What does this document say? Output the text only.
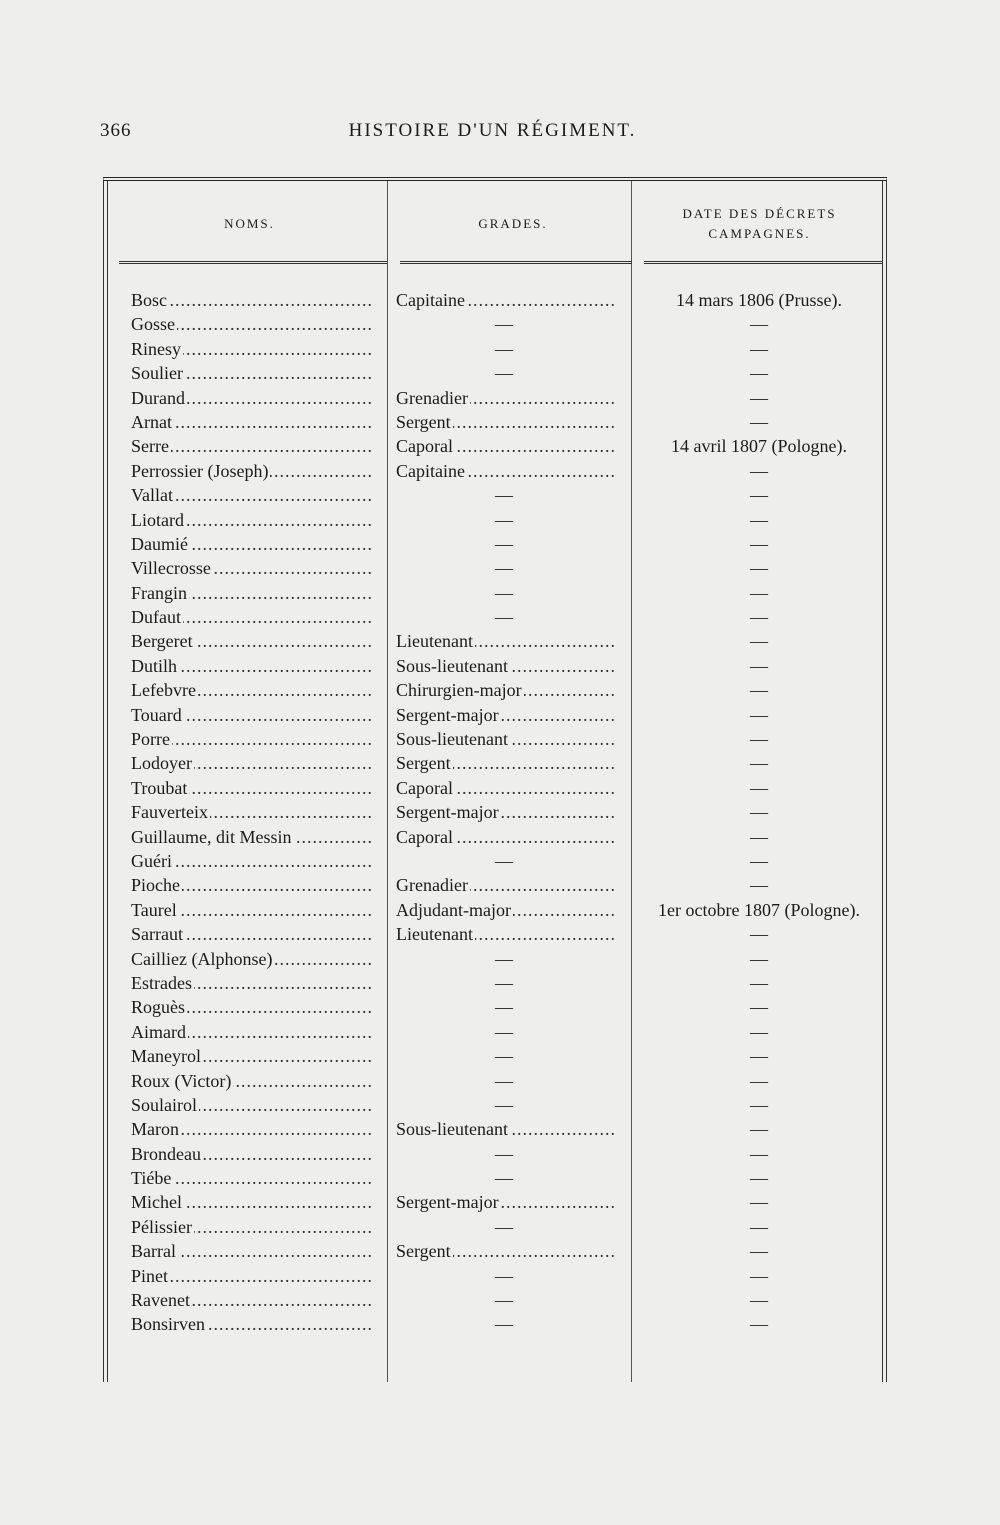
366	HISTOIRE D'UN RÉGIMENT.
NOMS.	GRADES.
DATE DES DÉCRETS CAMPAGNES.
Bosc .....	Capitaine .....	14 mars 1806 (Prusse).
Gosse .....	—	—
Rinesy .....	—	—
Soulier .....	—	—
Durand .....	Grenadier .....	—
Arnat .....	Sergent .....	—
Serre .....	Caporal .....	14 avril 1807 (Pologne).
Perrossier (Joseph) .....	Capitaine .....	—
Vallat .....	—	—
Liotard .....	—	—
Daumié .....	—	—
Villecrosse .....	—	—
Frangin .....	—	—
Dufaut .....	—	—
Bergeret .....	Lieutenant .....	—
Dutilh .....	Sous-lieutenant .....	—
Lefebvre .....	Chirurgien-major .....	—
Touard .....	Sergent-major .....	—
Porre .....	Sous-lieutenant .....	—
Lodoyer .....	Sergent .....	—
Troubat .....	Caporal .....	—
Fauverteix .....	Sergent-major .....	—
Guillaume, dit Messin .....	Caporal .....	—
Guéri .....	—	—
Pioche .....	Grenadier .....	—
Taurel .....	Adjudant-major .....	1er octobre 1807 (Pologne).
Sarraut .....	Lieutenant .....	—
Cailliez (Alphonse) .....	—	—
Estrades .....	—	—
Roguès .....	—	—
Aimard .....	—	—
Maneyrol .....	—	—
Roux (Victor) .....	—	—
Soulairol .....	—	—
Maron .....	Sous-lieutenant .....	—
Brondeau .....	—	—
Tiébe .....	—	—
Michel .....	Sergent-major .....	—
Pélissier .....	—	—
Barral .....	Sergent .....	—
Pinet .....	—	—
Ravenet .....	—	—
Bonsirven .....	—	—
